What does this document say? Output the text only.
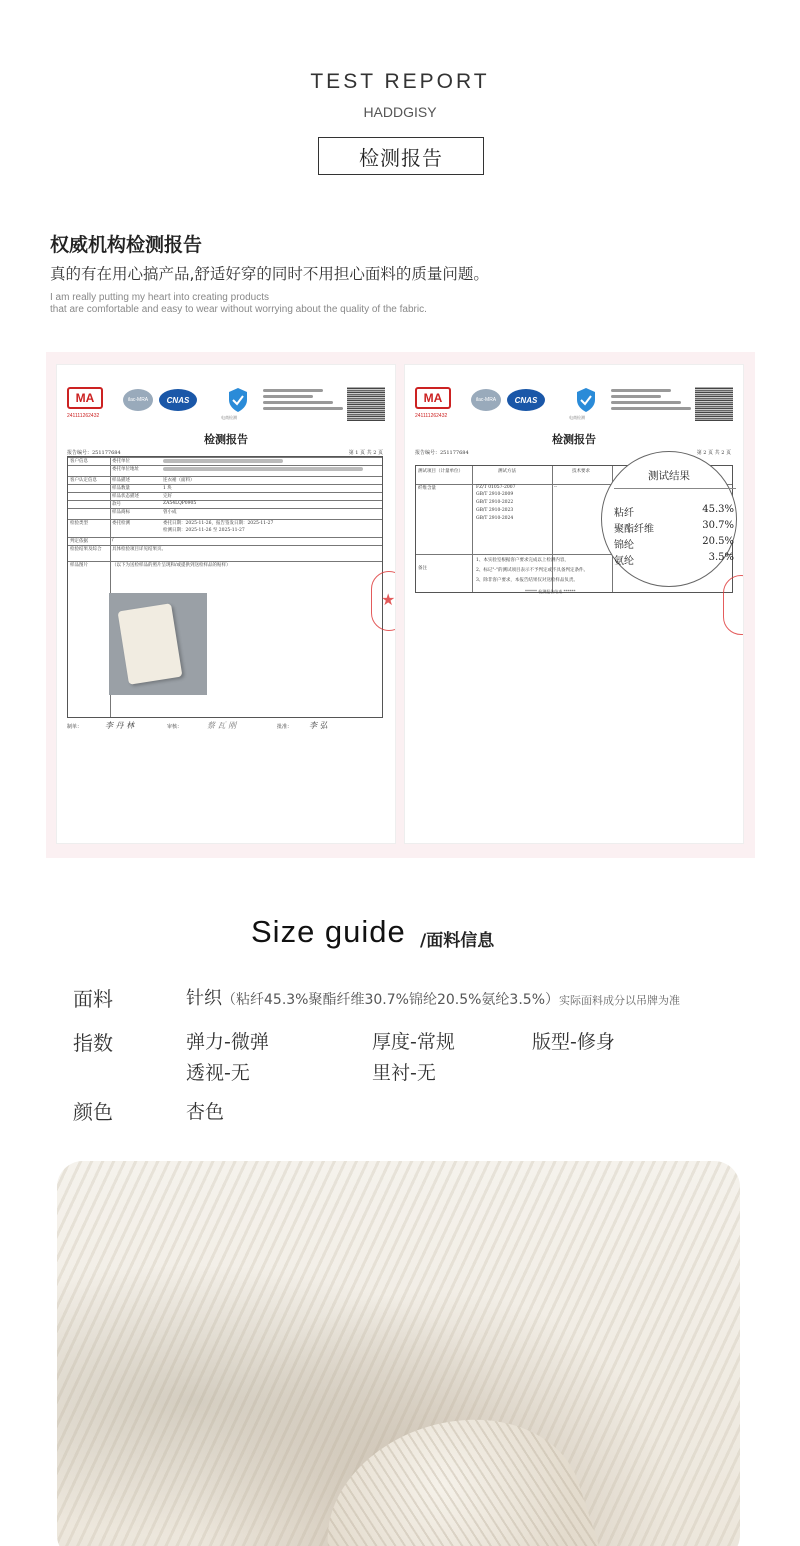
TEST REPORT
HADDGISY
检测报告
权威机构检测报告
真的有在用心搞产品,舒适好穿的同时不用担心面料的质量问题。
I am really putting my heart into creating products
that are comfortable and easy to wear without worrying about the quality of the fabric.
MA
241111262432
ilac-MRA	CNAS
电商检测
检测报告
报告编号：251177684	第 1 页 共 2 页
客户信息	委托单位
委托单位地址
客户认定信息	样品描述	连衣裙（面料）
样品数量	1 块
样品状态描述	完好
款号	ZA54LQP0905
样品商标	曾小成
检验类型	委托检测	委托日期：2025-11-26，报告签发日期：2025-11-27
检测日期：2025-11-26 至 2025-11-27
判定依据	/
检验结果及综合 具体检验项目详见结果页。
样品图片	（以下为送检样品的照片呈现和/或提供到送检样品的贴样）
制单：	李 丹 林	审核：	蔡 瓦 刚	批准： 李 弘
★
MA
241111262432
ilac-MRA	CNAS
电商检测
检测报告
报告编号：251177684	第 2 页 共 2 页
测试项目（计量单位）	测试方法	技术要求
纤维含量	FZ/T 01057-2007	--
GB/T 2910-2009
GB/T 2910-2022
GB/T 2910-2023
GB/T 2910-2024
备注
1、本实验室根据客户要求完成以上检测内容，
2、标记"-"的测试项目表示不予判定或不具备判定条件。
3、除非客户要求，本报告结果仅对送检样品负责。
****** 检测报告结束 ******
测试结果
粘纤	45.3%
聚酯纤维	30.7%
锦纶	20.5%
氨纶	3.5%
Size guide /面料信息
面料	针织（粘纤45.3%聚酯纤维30.7%锦纶20.5%氨纶3.5%）实际面料成分以吊牌为准
指数	弹力-微弹	厚度-常规	版型-修身
透视-无	里衬-无
颜色	杏色
